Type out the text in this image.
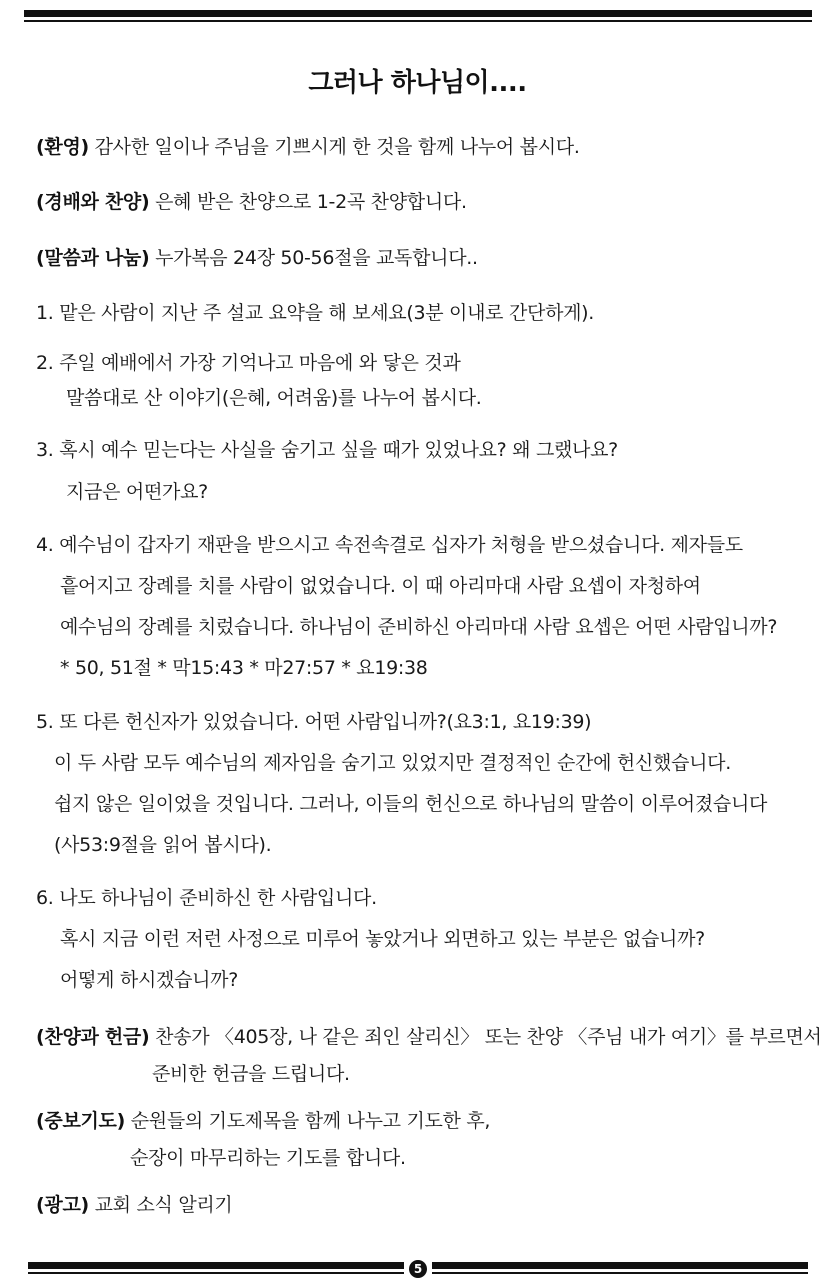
그러나 하나님이....
(환영) 감사한 일이나 주님을 기쁘시게 한 것을 함께 나누어 봅시다.
(경배와 찬양) 은혜 받은 찬양으로 1-2곡 찬양합니다.
(말씀과 나눔) 누가복음 24장 50-56절을 교독합니다..
1. 맡은 사람이 지난 주 설교 요약을 해 보세요(3분 이내로 간단하게).
2. 주일 예배에서 가장 기억나고 마음에 와 닿은 것과
말씀대로 산 이야기(은혜, 어려움)를 나누어 봅시다.
3. 혹시 예수 믿는다는 사실을 숨기고 싶을 때가 있었나요? 왜 그랬나요?
지금은 어떤가요?
4. 예수님이 갑자기 재판을 받으시고 속전속결로 십자가 처형을 받으셨습니다. 제자들도
흩어지고 장례를 치를 사람이 없었습니다. 이 때 아리마대 사람 요셉이 자청하여
예수님의 장례를 치렀습니다. 하나님이 준비하신 아리마대 사람 요셉은 어떤 사람입니까?
* 50, 51절 * 막15:43 * 마27:57 * 요19:38
5. 또 다른 헌신자가 있었습니다. 어떤 사람입니까?(요3:1, 요19:39)
이 두 사람 모두 예수님의 제자임을 숨기고 있었지만 결정적인 순간에 헌신했습니다.
쉽지 않은 일이었을 것입니다. 그러나, 이들의 헌신으로 하나님의 말씀이 이루어졌습니다
(사53:9절을 읽어 봅시다).
6. 나도 하나님이 준비하신 한 사람입니다.
혹시 지금 이런 저런 사정으로 미루어 놓았거나 외면하고 있는 부분은 없습니까?
어떻게 하시겠습니까?
(찬양과 헌금) 찬송가 〈405장, 나 같은 죄인 살리신〉 또는 찬양 〈주님 내가 여기〉를 부르면서
준비한 헌금을 드립니다.
(중보기도) 순원들의 기도제목을 함께 나누고 기도한 후,
순장이 마무리하는 기도를 합니다.
(광고) 교회 소식 알리기
5
